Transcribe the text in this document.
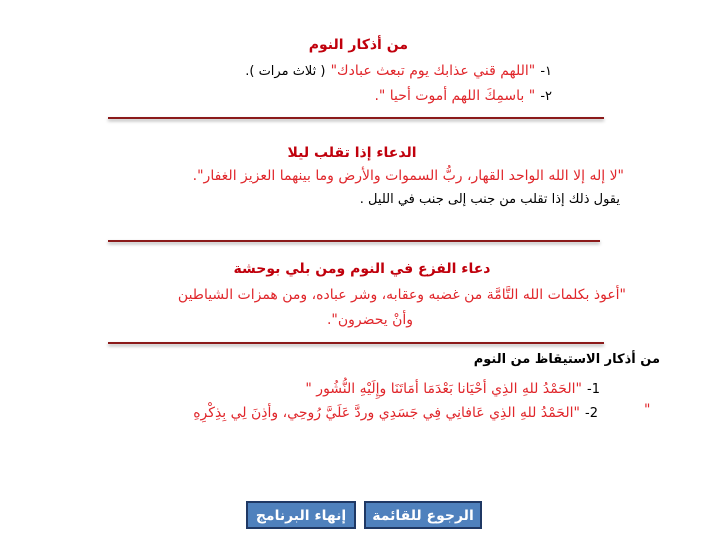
من أذكار النوم
١- "اللهم قني عذابك يوم تبعث عبادك" ( ثلاث مرات ).
٢- " باسمِكَ اللهم أموت أحيا ".
الدعاء إذا تقلب ليلا
"لا إله إلا الله الواحد القهار، ربُّ السموات والأرض وما بينهما العزيز الغفار".
يقول ذلك إذا تقلب من جنب إلى جنب في الليل .
دعاء الفزع في النوم ومن بلي بوحشة
"أعوذ بكلمات الله التَّامَّة من غضبه وعقابه، وشر عباده، ومن همزات الشياطين
وأنْ يحضرون".
من أذكار الاستيقاظ من النوم
1- "الحَمْدُ للهِ الذِي أحْيَانا بَعْدَمَا أمَاتَنَا وإِلَيْهِ النُّشُور "
2- "الحَمْدُ للهِ الذِي عَافانِي فِي جَسَدِي وردَّ عَلَيَّ رُوحِي، وأذِنَ لِي بِذِكْرِهِ	"
إنهاء البرنامج	الرجوع للقائمة
